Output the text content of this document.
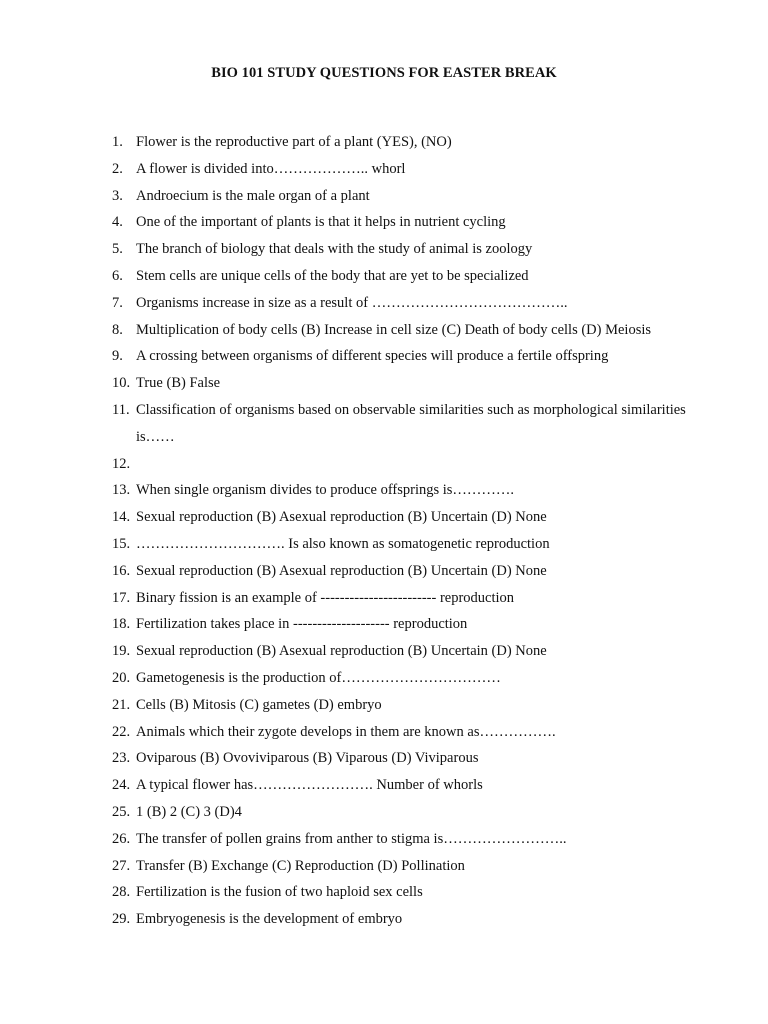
BIO 101 STUDY QUESTIONS FOR EASTER BREAK
1. Flower is the reproductive part of a plant (YES), (NO)
2. A flower is divided into……………….. whorl
3. Androecium is the male organ of a plant
4. One of the important of plants is that it helps in nutrient cycling
5. The branch of biology that deals with the study of animal is zoology
6. Stem cells are unique cells of the body that are yet to be specialized
7. Organisms increase in size as a result of …………………………………..
8. Multiplication of body cells (B) Increase in cell size (C) Death of body cells (D) Meiosis
9. A crossing between organisms of different species will produce a fertile offspring
10. True (B) False
11. Classification of organisms based on observable similarities such as morphological similarities is……
12.
13. When single organism divides to produce offsprings is………….
14. Sexual reproduction (B) Asexual reproduction (B) Uncertain (D) None
15. …………………………. Is also known as somatogenetic reproduction
16. Sexual reproduction (B) Asexual reproduction (B) Uncertain (D) None
17. Binary fission is an example of ------------------------ reproduction
18. Fertilization takes place in -------------------- reproduction
19. Sexual reproduction (B) Asexual reproduction (B) Uncertain (D) None
20. Gametogenesis is the production of……………………………
21. Cells (B) Mitosis (C) gametes (D) embryo
22. Animals which their zygote develops in them are known as…………….
23. Oviparous (B) Ovoviviparous (B) Viparous (D) Viviparous
24. A typical flower has……………………. Number of whorls
25. 1 (B) 2 (C) 3 (D)4
26. The transfer of pollen grains from anther to stigma is……………………..
27. Transfer (B) Exchange (C) Reproduction (D) Pollination
28. Fertilization is the fusion of two haploid sex cells
29. Embryogenesis is the development of embryo
